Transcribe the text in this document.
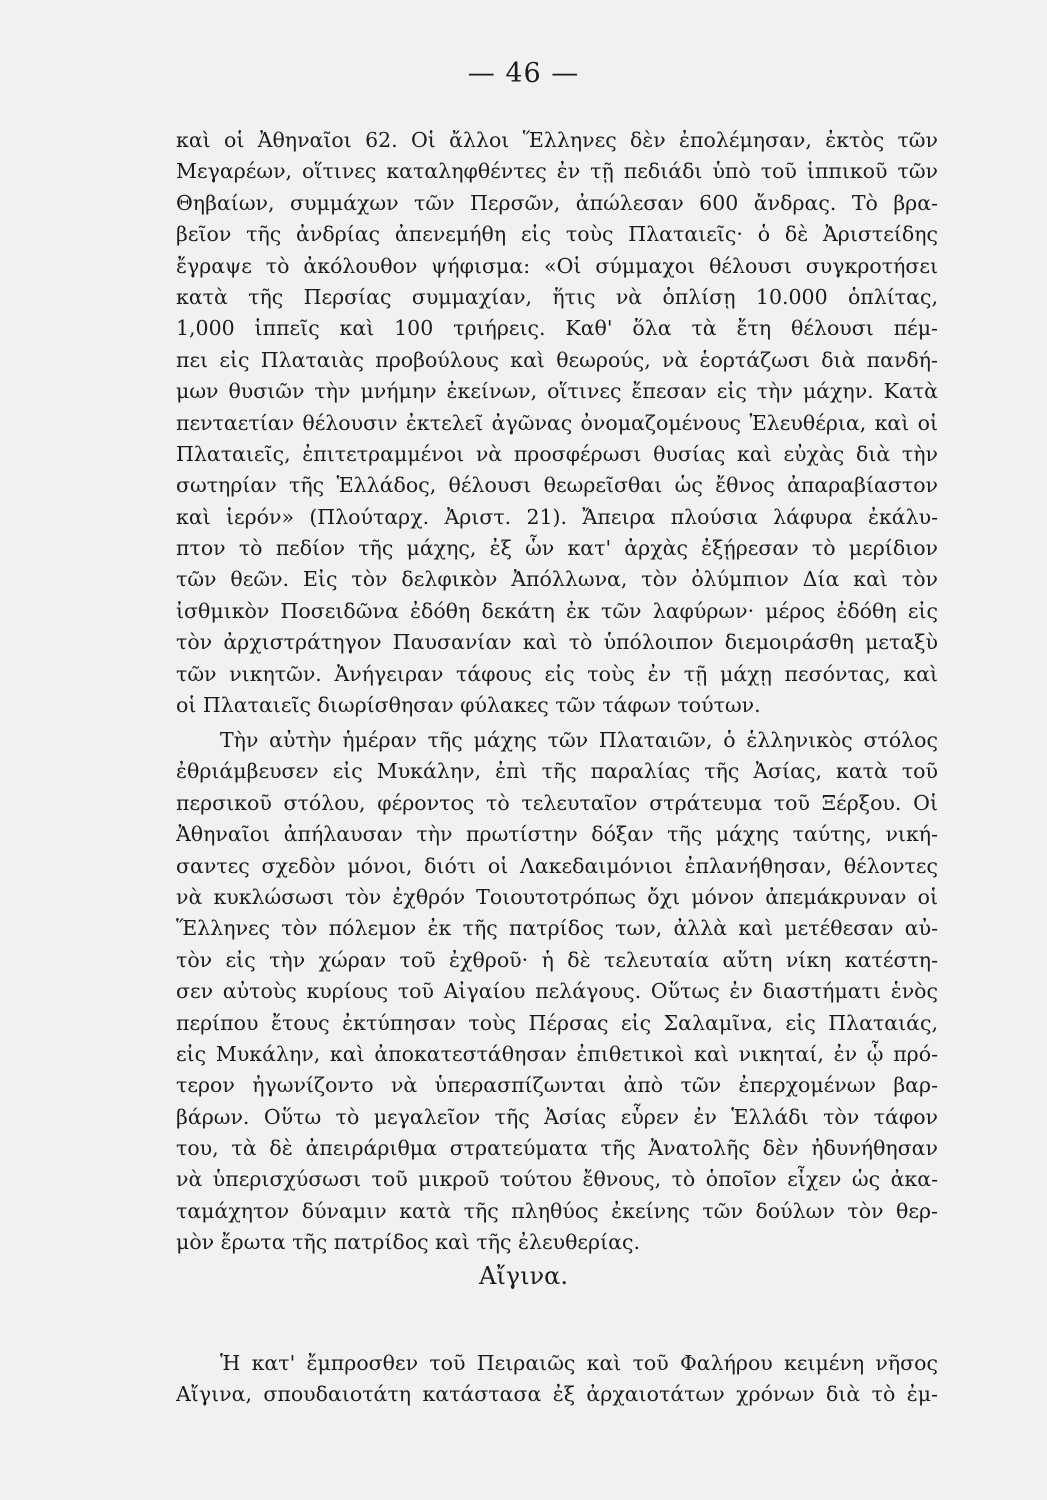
— 46 —
καὶ οἱ Ἀθηναῖοι 62. Οἱ ἄλλοι Ἕλληνες δὲν ἐπολέμησαν, ἐκτὸς τῶν
Μεγαρέων, οἵτινες καταληφθέντες ἐν τῇ πεδιάδι ὑπὸ τοῦ ἱππικοῦ τῶν
Θηβαίων, συμμάχων τῶν Περσῶν, ἀπώλεσαν 600 ἄνδρας. Τὸ βρα-
βεῖον τῆς ἀνδρίας ἀπενεμήθη εἰς τοὺς Πλαταιεῖς· ὁ δὲ Ἀριστείδης
ἔγραψε τὸ ἀκόλουθον ψήφισμα: «Οἱ σύμμαχοι θέλουσι συγκροτήσει
κατὰ τῆς Περσίας συμμαχίαν, ἥτις νὰ ὁπλίσῃ 10.000 ὁπλίτας,
1,000 ἱππεῖς καὶ 100 τριήρεις. Καθ' ὅλα τὰ ἔτη θέλουσι πέμ-
πει εἰς Πλαταιὰς προβούλους καὶ θεωρούς, νὰ ἑορτάζωσι διὰ πανδή-
μων θυσιῶν τὴν μνήμην ἐκείνων, οἵτινες ἔπεσαν εἰς τὴν μάχην. Κατὰ
πενταετίαν θέλουσιν ἐκτελεῖ ἀγῶνας ὀνομαζομένους Ἐλευθέρια, καὶ οἱ
Πλαταιεῖς, ἐπιτετραμμένοι νὰ προσφέρωσι θυσίας καὶ εὐχὰς διὰ τὴν
σωτηρίαν τῆς Ἑλλάδος, θέλουσι θεωρεῖσθαι ὡς ἔθνος ἀπαραβίαστον
καὶ ἱερόν» (Πλούταρχ. Ἀριστ. 21). Ἄπειρα πλούσια λάφυρα ἐκάλυ-
πτον τὸ πεδίον τῆς μάχης, ἐξ ὧν κατ' ἀρχὰς ἐξῄρεσαν τὸ μερίδιον
τῶν θεῶν. Εἰς τὸν δελφικὸν Ἀπόλλωνα, τὸν ὀλύμπιον Δία καὶ τὸν
ἰσθμικὸν Ποσειδῶνα ἐδόθη δεκάτη ἐκ τῶν λαφύρων· μέρος ἐδόθη εἰς
τὸν ἀρχιστράτηγον Παυσανίαν καὶ τὸ ὑπόλοιπον διεμοιράσθη μεταξὺ
τῶν νικητῶν. Ἀνήγειραν τάφους εἰς τοὺς ἐν τῇ μάχῃ πεσόντας, καὶ
οἱ Πλαταιεῖς διωρίσθησαν φύλακες τῶν τάφων τούτων.
Τὴν αὐτὴν ἡμέραν τῆς μάχης τῶν Πλαταιῶν, ὁ ἑλληνικὸς στόλος
ἐθριάμβευσεν εἰς Μυκάλην, ἐπὶ τῆς παραλίας τῆς Ἀσίας, κατὰ τοῦ
περσικοῦ στόλου, φέροντος τὸ τελευταῖον στράτευμα τοῦ Ξέρξου. Οἱ
Ἀθηναῖοι ἀπήλαυσαν τὴν πρωτίστην δόξαν τῆς μάχης ταύτης, νική-
σαντες σχεδὸν μόνοι, διότι οἱ Λακεδαιμόνιοι ἐπλανήθησαν, θέλοντες
νὰ κυκλώσωσι τὸν ἐχθρόν Τοιουτοτρόπως ὄχι μόνον ἀπεμάκρυναν οἱ
Ἕλληνες τὸν πόλεμον ἐκ τῆς πατρίδος των, ἀλλὰ καὶ μετέθεσαν αὐ-
τὸν εἰς τὴν χώραν τοῦ ἐχθροῦ· ἡ δὲ τελευταία αὕτη νίκη κατέστη-
σεν αὐτοὺς κυρίους τοῦ Αἰγαίου πελάγους. Οὕτως ἐν διαστήματι ἑνὸς
περίπου ἔτους ἐκτύπησαν τοὺς Πέρσας εἰς Σαλαμῖνα, εἰς Πλαταιάς,
εἰς Μυκάλην, καὶ ἀποκατεστάθησαν ἐπιθετικοὶ καὶ νικηταί, ἐν ᾧ πρό-
τερον ἠγωνίζοντο νὰ ὑπερασπίζωνται ἀπὸ τῶν ἐπερχομένων βαρ-
βάρων. Οὕτω τὸ μεγαλεῖον τῆς Ἀσίας εὗρεν ἐν Ἑλλάδι τὸν τάφον
του, τὰ δὲ ἀπειράριθμα στρατεύματα τῆς Ἀνατολῆς δὲν ἠδυνήθησαν
νὰ ὑπερισχύσωσι τοῦ μικροῦ τούτου ἔθνους, τὸ ὁποῖον εἶχεν ὡς ἀκα-
ταμάχητον δύναμιν κατὰ τῆς πληθύος ἐκείνης τῶν δούλων τὸν θερ-
μὸν ἔρωτα τῆς πατρίδος καὶ τῆς ἐλευθερίας.
Αἴγινα.
Ἡ κατ' ἔμπροσθεν τοῦ Πειραιῶς καὶ τοῦ Φαλήρου κειμένη νῆσος
Αἴγινα, σπουδαιοτάτη κατάστασα ἐξ ἀρχαιοτάτων χρόνων διὰ τὸ ἐμ-
